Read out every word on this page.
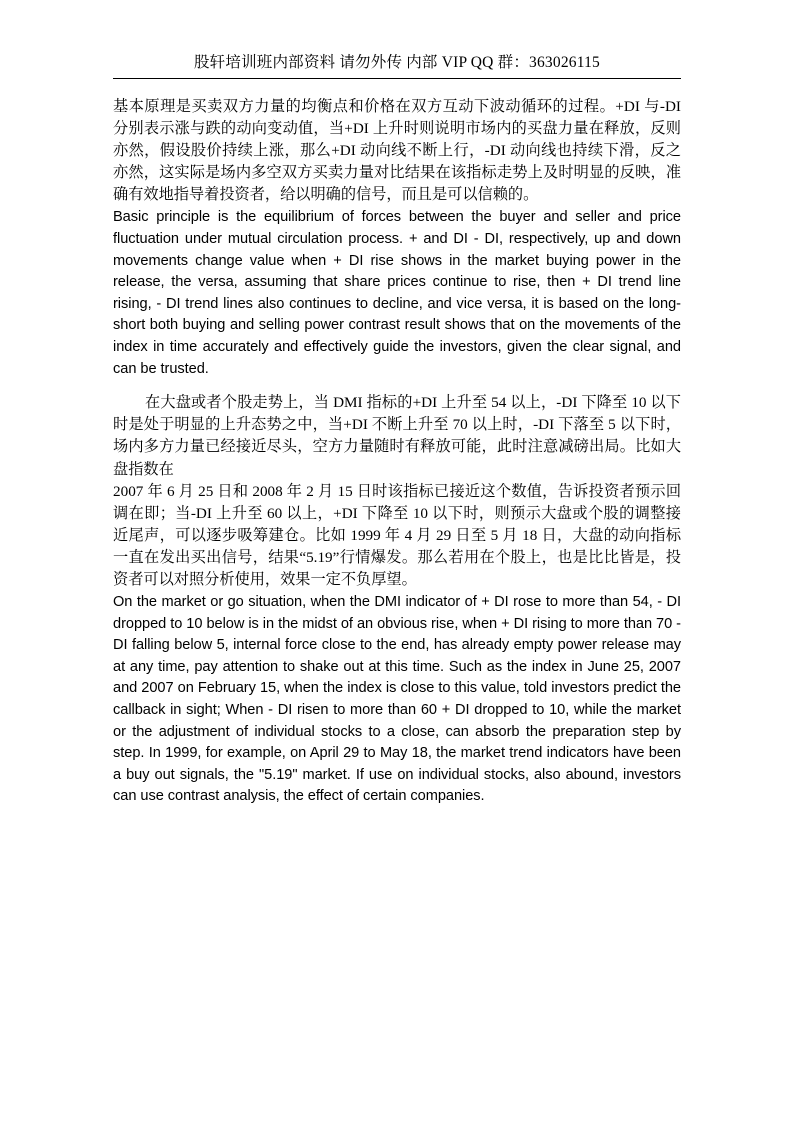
股轩培训班内部资料 请勿外传 内部 VIP QQ 群：363026115

基本原理是买卖双方力量的均衡点和价格在双方互动下波动循环的过程。+DI 与-DI 分别表示涨与跌的动向变动值，当+DI 上升时则说明市场内的买盘力量在释放，反则亦然，假设股价持续上涨，那么+DI 动向线不断上行，-DI 动向线也持续下滑，反之亦然，这实际是场内多空双方买卖力量对比结果在该指标走势上及时明显的反映，准确有效地指导着投资者，给以明确的信号，而且是可以信赖的。

Basic principle is the equilibrium of forces between the buyer and seller and price fluctuation under mutual circulation process. + and DI - DI, respectively, up and down movements change value when + DI rise shows in the market buying power in the release, the versa, assuming that share prices continue to rise, then + DI trend line rising, - DI trend lines also continues to decline, and vice versa, it is based on the long-short both buying and selling power contrast result shows that on the movements of the index in time accurately and effectively guide the investors, given the clear signal, and can be trusted.

在大盘或者个股走势上，当 DMI 指标的+DI 上升至 54 以上，-DI 下降至 10 以下时是处于明显的上升态势之中，当+DI 不断上升至 70 以上时，-DI 下落至 5 以下时，场内多方力量已经接近尽头，空方力量随时有释放可能，此时注意减磅出局。比如大盘指数在

2007 年 6 月 25 日和 2008 年 2 月 15 日时该指标已接近这个数值，告诉投资者预示回调在即；当-DI 上升至 60 以上，+DI 下降至 10 以下时，则预示大盘或个股的调整接近尾声，可以逐步吸筹建仓。比如 1999 年 4 月 29 日至 5 月 18 日，大盘的动向指标一直在发出买出信号，结果“5.19”行情爆发。那么若用在个股上，也是比比皆是，投资者可以对照分析使用，效果一定不负厚望。

On the market or go situation, when the DMI indicator of + DI rose to more than 54, - DI dropped to 10 below is in the midst of an obvious rise, when + DI rising to more than 70 - DI falling below 5, internal force close to the end, has already empty power release may at any time, pay attention to shake out at this time. Such as the index in June 25, 2007 and 2007 on February 15, when the index is close to this value, told investors predict the callback in sight; When - DI risen to more than 60 + DI dropped to 10, while the market or the adjustment of individual stocks to a close, can absorb the preparation step by step. In 1999, for example, on April 29 to May 18, the market trend indicators have been a buy out signals, the "5.19" market. If use on individual stocks, also abound, investors can use contrast analysis, the effect of certain companies.
